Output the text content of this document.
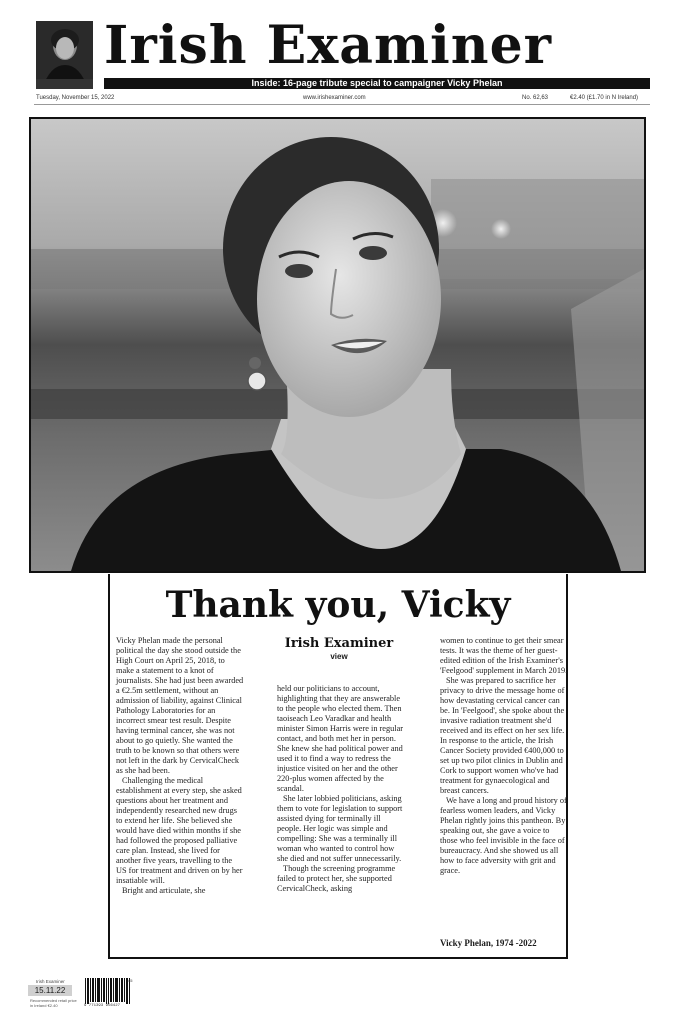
Irish Examiner
Inside: 16-page tribute special to campaigner Vicky Phelan
Tuesday, November 15, 2022	www.irishexaminer.com	No. 62,63	€2.40 (£1.70 in N Ireland)
Thank you, Vicky

Vicky Phelan made the personal political the day she stood outside the High Court on April 25, 2018, to make a statement to a knot of journalists. She had just been awarded a €2.5m settlement, without an admission of liability, against Clinical Pathology Laboratories for an incorrect smear test result. Despite having terminal cancer, she was not about to go quietly. She wanted the truth to be known so that others were not left in the dark by CervicalCheck as she had been.

Challenging the medical establishment at every step, she asked questions about her treatment and independently researched new drugs to extend her life. She believed she would have died within months if she had followed the proposed palliative care plan. Instead, she lived for another five years, travelling to the US for treatment and driven on by her insatiable will.

Bright and articulate, she

Irish Examiner
view

held our politicians to account, highlighting that they are answerable to the people who elected them. Then taoiseach Leo Varadkar and health minister Simon Harris were in regular contact, and both met her in person. She knew she had political power and used it to find a way to redress the injustice visited on her and the other 220-plus women affected by the scandal.

She later lobbied politicians, asking them to vote for legislation to support assisted dying for terminally ill people. Her logic was simple and compelling: She was a terminally ill woman who wanted to control how she died and not suffer unnecessarily.

Though the screening programme failed to protect her, she supported CervicalCheck, asking

women to continue to get their smear tests. It was the theme of her guest-edited edition of the Irish Examiner's 'Feelgood' supplement in March 2019.

She was prepared to sacrifice her privacy to drive the message home of how devastating cervical cancer can be. In 'Feelgood', she spoke about the invasive radiation treatment she'd received and its effect on her sex life. In response to the article, the Irish Cancer Society provided €400,000 to set up two pilot clinics in Dublin and Cork to support women who've had treatment for gynaecological and breast cancers.

We have a long and proud history of fearless women leaders, and Vicky Phelan rightly joins this pantheon. By speaking out, she gave a voice to those who feel invisible in the face of bureaucracy. And she showed us all how to face adversity with grit and grace.

Vicky Phelan, 1974 -2022
Irish Examiner
15.11.22
Recommended retail price in Ireland €2.40	9 771393 956427
45
